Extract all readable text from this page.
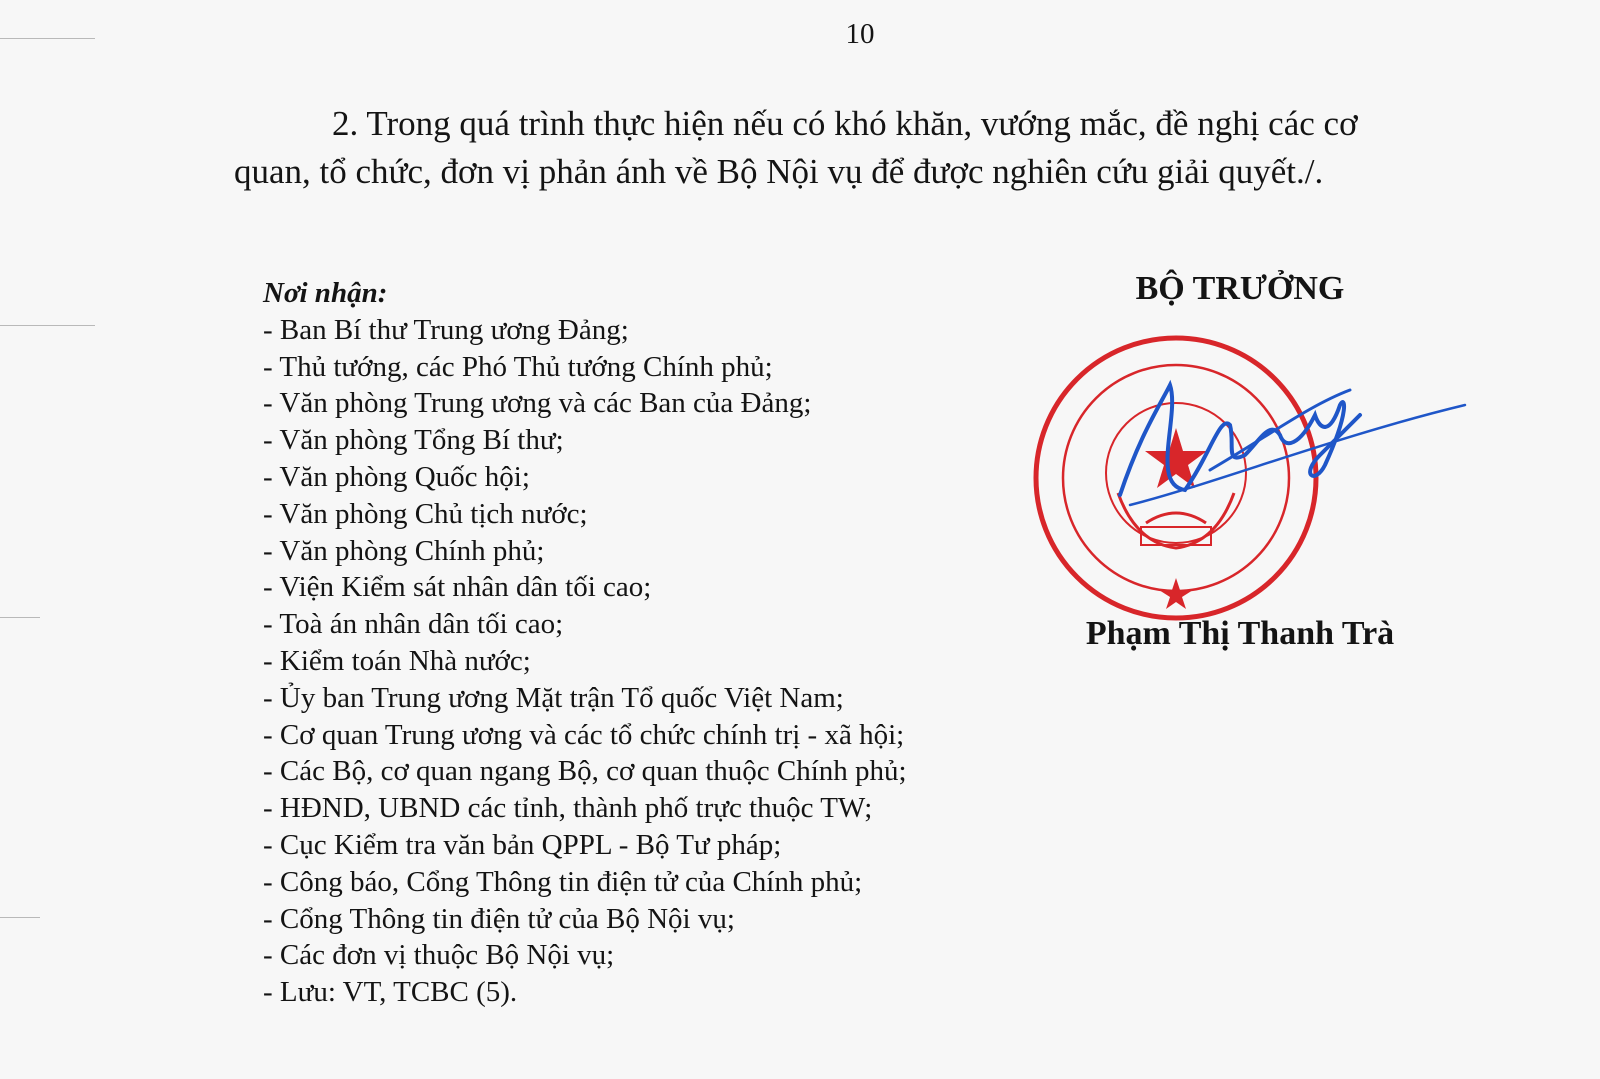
10
2. Trong quá trình thực hiện nếu có khó khăn, vướng mắc, đề nghị các cơ
quan, tổ chức, đơn vị phản ánh về Bộ Nội vụ để được nghiên cứu giải quyết./.
Nơi nhận:
- Ban Bí thư Trung ương Đảng;
- Thủ tướng, các Phó Thủ tướng Chính phủ;
- Văn phòng Trung ương và các Ban của Đảng;
- Văn phòng Tổng Bí thư;
- Văn phòng Quốc hội;
- Văn phòng Chủ tịch nước;
- Văn phòng Chính phủ;
- Viện Kiểm sát nhân dân tối cao;
- Toà án nhân dân tối cao;
- Kiểm toán Nhà nước;
- Ủy ban Trung ương Mặt trận Tổ quốc Việt Nam;
- Cơ quan Trung ương và các tổ chức chính trị - xã hội;
- Các Bộ, cơ quan ngang Bộ, cơ quan thuộc Chính phủ;
- HĐND, UBND các tỉnh, thành phố trực thuộc TW;
- Cục Kiểm tra văn bản QPPL - Bộ Tư pháp;
- Công báo, Cổng Thông tin điện tử của Chính phủ;
- Cổng Thông tin điện tử của Bộ Nội vụ;
- Các đơn vị thuộc Bộ Nội vụ;
- Lưu: VT, TCBC (5).
BỘ TRƯỞNG
Phạm Thị Thanh Trà
